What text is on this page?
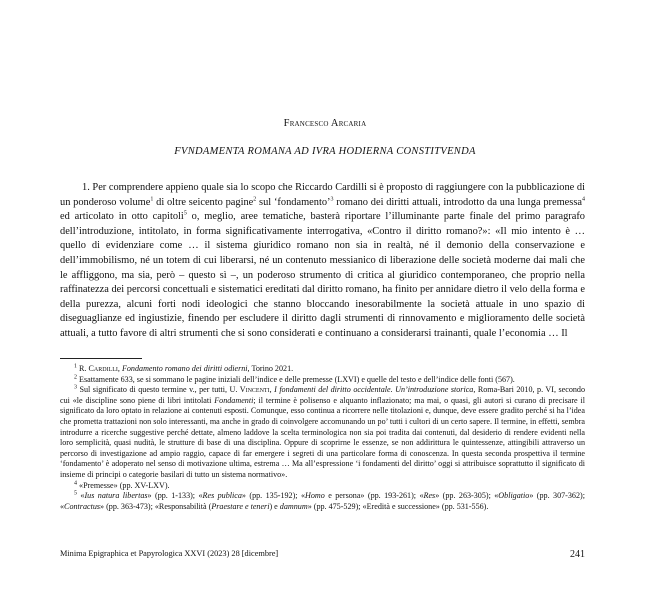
Francesco Arcaria
FVNDAMENTA ROMANA AD IVRA HODIERNA CONSTITVENDA

1. Per comprendere appieno quale sia lo scopo che Riccardo Cardilli si è proposto di raggiungere con la pubblicazione di un ponderoso volume$^1$ di oltre seicento pagine$^2$ sul ‘fondamento’$^3$ romano dei diritti attuali, introdotto da una lunga premessa$^4$ ed articolato in otto capitoli$^5$ o, meglio, aree tematiche, basterà riportare l’illuminante parte finale del primo paragrafo dell’introduzione, intitolato, in forma significativamente interrogativa, «Contro il diritto romano?»: «Il mio intento è … quello di evidenziare come … il sistema giuridico romano non sia in realtà, né il demonio della conservazione e dell’immobilismo, né un totem di cui liberarsi, né un contenuto messianico di liberazione delle società moderne dai mali che le affliggono, ma sia, però – questo sì –, un poderoso strumento di critica al giuridico contemporaneo, che proprio nella raffinatezza dei percorsi concettuali e sistematici ereditati dal diritto romano, ha finito per annidare dietro il velo della forma e della purezza, alcuni forti nodi ideologici che stanno bloccando inesorabilmente la società attuale in uno spazio di diseguaglianze ed ingiustizie, finendo per escludere il diritto dagli strumenti di rinnovamento e miglioramento delle società attuali, a tutto favore di altri strumenti che si sono considerati e continuano a considerarsi trainanti, quale l’economia … Il

$^1$ R. Cardilli, Fondamento romano dei diritti odierni, Torino 2021.

$^2$ Esattamente 633, se si sommano le pagine iniziali dell’indice e delle premesse (LXVI) e quelle del testo e dell’indice delle fonti (567).

$^3$ Sul significato di questo termine v., per tutti, U. Vincenti, I fondamenti del diritto occidentale. Un’introduzione storica, Roma-Bari 2010, p. VI, secondo cui «le discipline sono piene di libri intitolati Fondamenti; il termine è polisenso e alquanto inflazionato; ma mai, o quasi, gli autori si curano di precisare il significato da loro optato in relazione ai contenuti esposti. Comunque, esso continua a ricorrere nelle titolazioni e, dunque, deve essere gradito perché si ha l’idea che prometta trattazioni non solo interessanti, ma anche in grado di coinvolgere accomunando un po’ tutti i cultori di un certo sapere. Il termine, in effetti, sembra introdurre a ricerche suggestive perché dettate, almeno laddove la scelta terminologica non sia poi tradita dai contenuti, dal desiderio di rendere evidenti nella loro semplicità, quasi nudità, le strutture di base di una disciplina. Oppure di scoprirne le essenze, se non addirittura le quintessenze, attingibili attraverso un percorso di investigazione ad ampio raggio, capace di far emergere i segreti di una particolare forma di conoscenza. In questa seconda prospettiva il termine ‘fondamento’ è adoperato nel senso di motivazione ultima, estrema … Ma all’espressione ‘i fondamenti del diritto’ oggi si attribuisce soprattutto il significato di insieme di principi o categorie basilari di tutto un sistema normativo».

$^4$ «Premesse» (pp. XV-LXV).

$^5$ «Ius natura libertas» (pp. 1-133); «Res publica» (pp. 135-192); «Homo e persona» (pp. 193-261); «Res» (pp. 263-305); «Obligatio» (pp. 307-362); «Contractus» (pp. 363-473); «Responsabilità (Praestare e teneri) e damnum» (pp. 475-529); «Eredità e successione» (pp. 531-556).

Minima Epigraphica et Papyrologica XXVI (2023) 28 [dicembre]	241
